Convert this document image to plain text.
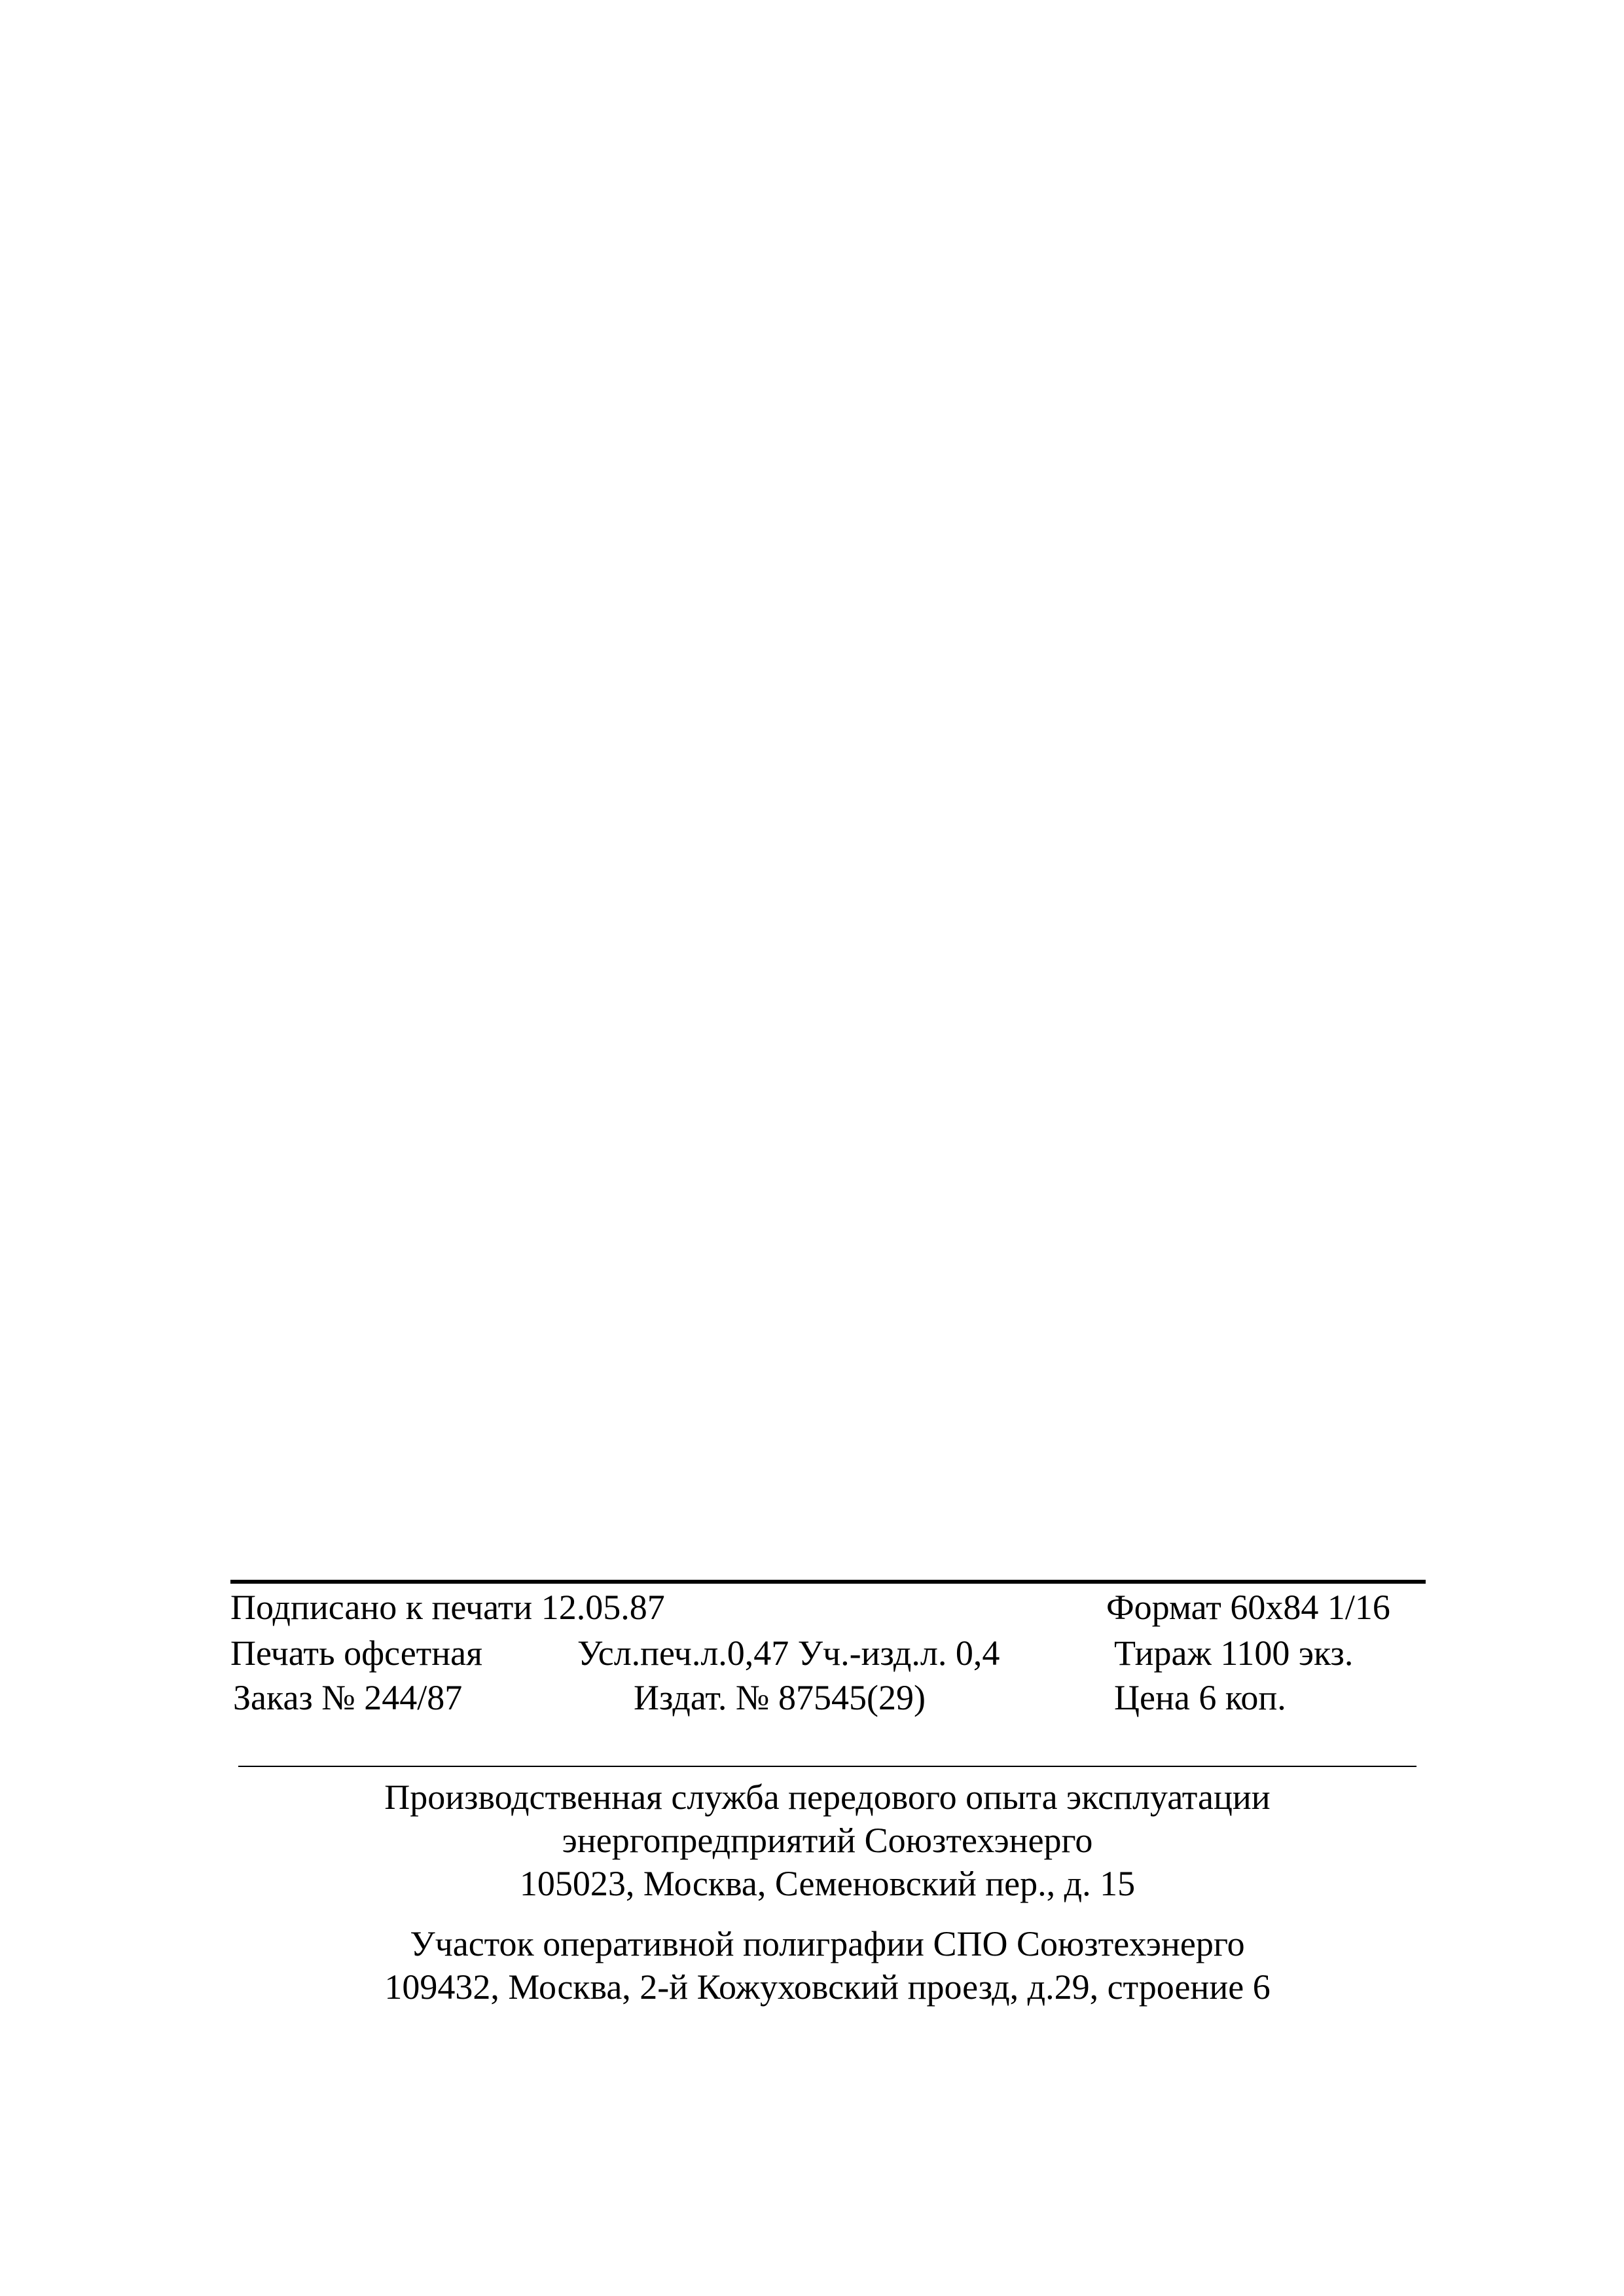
Подписано к печати 12.05.87	Формат 60x84 1/16
Печать офсетная	Усл.печ.л.0,47 Уч.-изд.л. 0,4	Тираж 1100 экз.
Заказ № 244/87	Издат. № 87545(29)	Цена 6 коп.
Производственная служба передового опыта эксплуатации
энергопредприятий Союзтехэнерго
105023, Москва, Семеновский пер., д. 15
Участок оперативной полиграфии СПО Союзтехэнерго
109432, Москва, 2-й Кожуховский проезд, д.29, строение 6
